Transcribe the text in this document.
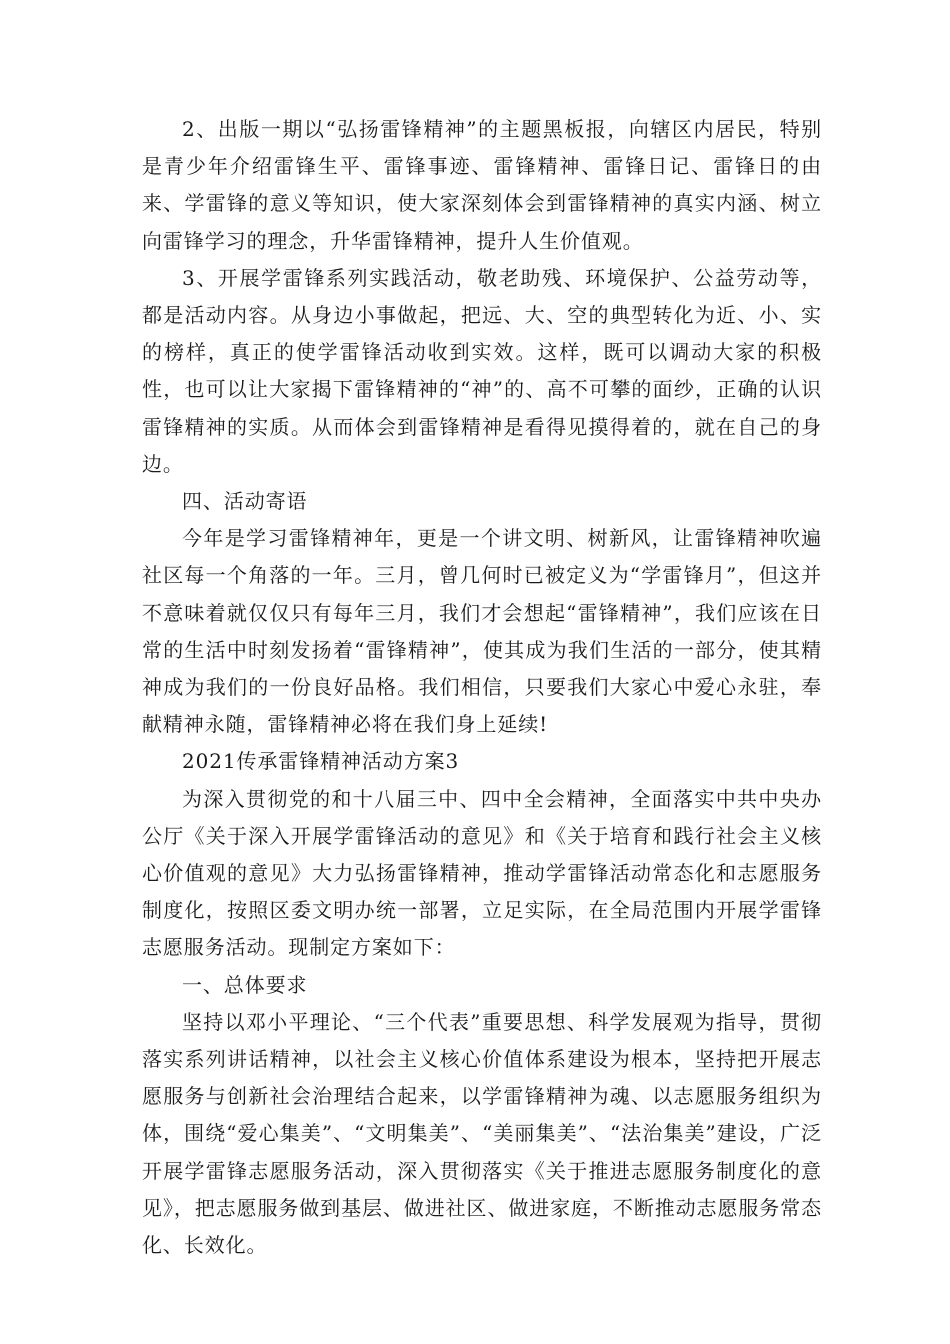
2、出版一期以“弘扬雷锋精神”的主题黑板报，向辖区内居民，特别是青少年介绍雷锋生平、雷锋事迹、雷锋精神、雷锋日记、雷锋日的由来、学雷锋的意义等知识，使大家深刻体会到雷锋精神的真实内涵、树立向雷锋学习的理念，升华雷锋精神，提升人生价值观。

3、开展学雷锋系列实践活动，敬老助残、环境保护、公益劳动等，都是活动内容。从身边小事做起，把远、大、空的典型转化为近、小、实的榜样，真正的使学雷锋活动收到实效。这样，既可以调动大家的积极性，也可以让大家揭下雷锋精神的“神”的、高不可攀的面纱，正确的认识雷锋精神的实质。从而体会到雷锋精神是看得见摸得着的，就在自己的身边。

四、活动寄语

今年是学习雷锋精神年，更是一个讲文明、树新风，让雷锋精神吹遍社区每一个角落的一年。三月，曾几何时已被定义为“学雷锋月”，但这并不意味着就仅仅只有每年三月，我们才会想起“雷锋精神”，我们应该在日常的生活中时刻发扬着“雷锋精神”，使其成为我们生活的一部分，使其精神成为我们的一份良好品格。我们相信，只要我们大家心中爱心永驻，奉献精神永随，雷锋精神必将在我们身上延续!

2021传承雷锋精神活动方案3

为深入贯彻党的和十八届三中、四中全会精神，全面落实中共中央办公厅《关于深入开展学雷锋活动的意见》和《关于培育和践行社会主义核心价值观的意见》大力弘扬雷锋精神，推动学雷锋活动常态化和志愿服务制度化，按照区委文明办统一部署，立足实际，在全局范围内开展学雷锋志愿服务活动。现制定方案如下：

一、总体要求

坚持以邓小平理论、“三个代表”重要思想、科学发展观为指导，贯彻落实系列讲话精神，以社会主义核心价值体系建设为根本，坚持把开展志愿服务与创新社会治理结合起来，以学雷锋精神为魂、以志愿服务组织为体，围绕“爱心集美”、“文明集美”、“美丽集美”、“法治集美”建设，广泛开展学雷锋志愿服务活动，深入贯彻落实《关于推进志愿服务制度化的意见》，把志愿服务做到基层、做进社区、做进家庭，不断推动志愿服务常态化、长效化。
